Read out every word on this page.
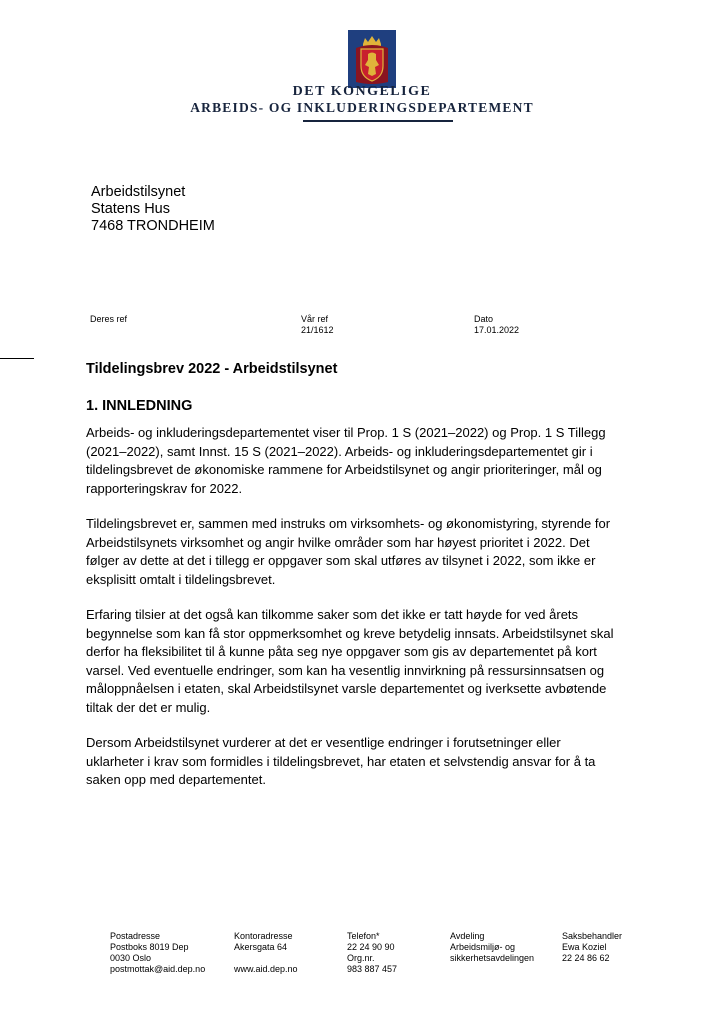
DET KONGELIGE
ARBEIDS- OG INKLUDERINGSDEPARTEMENT
Arbeidstilsynet
Statens Hus
7468 TRONDHEIM
Deres ref	Vår ref
21/1612
Dato
17.01.2022
Tildelingsbrev 2022 - Arbeidstilsynet
1. INNLEDNING
Arbeids- og inkluderingsdepartementet viser til Prop. 1 S (2021–2022) og Prop. 1 S Tillegg
(2021–2022), samt Innst. 15 S (2021–2022). Arbeids- og inkluderingsdepartementet gir i
tildelingsbrevet de økonomiske rammene for Arbeidstilsynet og angir prioriteringer, mål og
rapporteringskrav for 2022.
Tildelingsbrevet er, sammen med instruks om virksomhets- og økonomistyring, styrende for
Arbeidstilsynets virksomhet og angir hvilke områder som har høyest prioritet i 2022. Det
følger av dette at det i tillegg er oppgaver som skal utføres av tilsynet i 2022, som ikke er
eksplisitt omtalt i tildelingsbrevet.
Erfaring tilsier at det også kan tilkomme saker som det ikke er tatt høyde for ved årets
begynnelse som kan få stor oppmerksomhet og kreve betydelig innsats. Arbeidstilsynet skal
derfor ha fleksibilitet til å kunne påta seg nye oppgaver som gis av departementet på kort
varsel. Ved eventuelle endringer, som kan ha vesentlig innvirkning på ressursinnsatsen og
måloppnåelsen i etaten, skal Arbeidstilsynet varsle departementet og iverksette avbøtende
tiltak der det er mulig.
Dersom Arbeidstilsynet vurderer at det er vesentlige endringer i forutsetninger eller
uklarheter i krav som formidles i tildelingsbrevet, har etaten et selvstendig ansvar for å ta
saken opp med departementet.
Postadresse
Postboks 8019 Dep
0030 Oslo
postmottak@aid.dep.no
Kontoradresse
Akersgata 64
www.aid.dep.no
Telefon*
22 24 90 90
Org.nr.
983 887 457
Avdeling
Arbeidsmiljø- og
sikkerhetsavdelingen
Saksbehandler
Ewa Koziel
22 24 86 62
